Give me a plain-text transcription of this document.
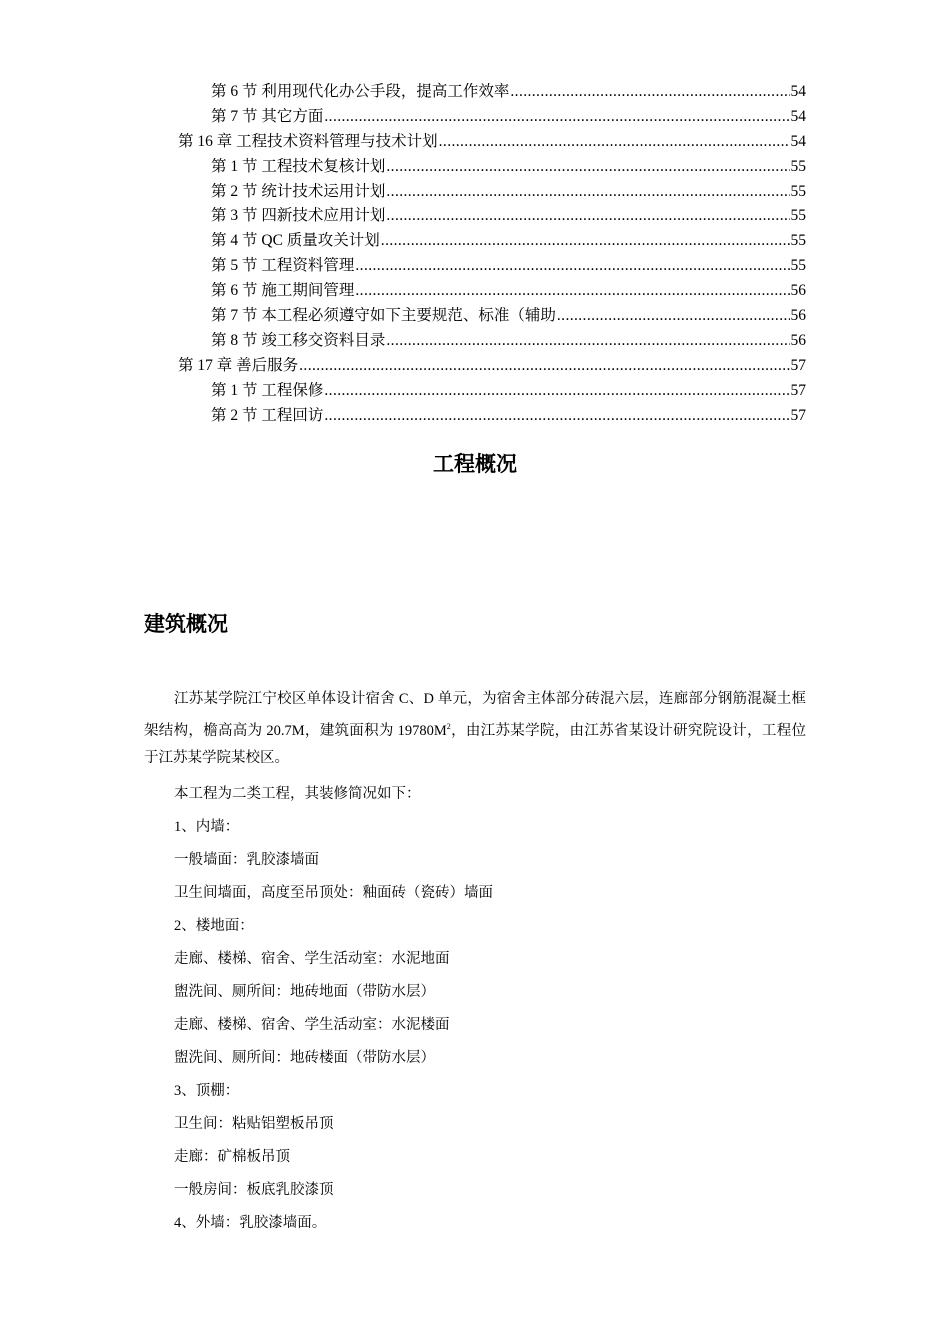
第 6 节 利用现代化办公手段，提高工作效率 .....	54
第 7 节 其它方面 .....	54
第 16 章 工程技术资料管理与技术计划 .....	54
第 1 节 工程技术复核计划 .....	55
第 2 节 统计技术运用计划 .....	55
第 3 节 四新技术应用计划 .....	55
第 4 节 QC 质量攻关计划 .....	55
第 5 节 工程资料管理 .....	55
第 6 节 施工期间管理 .....	56
第 7 节 本工程必须遵守如下主要规范、标准（辅助 .....	56
第 8 节 竣工移交资料目录 .....	56
第 17 章 善后服务 .....	57
第 1 节 工程保修 .....	57
第 2 节 工程回访 .....	57
工程概况
建筑概况

江苏某学院江宁校区单体设计宿舍 C、D 单元，为宿舍主体部分砖混六层，连廊部分钢筋混凝土框架结构，檐高高为 20.7M，建筑面积为 $19780M^2$，由江苏某学院，由江苏省某设计研究院设计，工程位于江苏某学院某校区。

本工程为二类工程，其装修简况如下：

1、内墙：

一般墙面：乳胶漆墙面

卫生间墙面，高度至吊顶处：釉面砖（瓷砖）墙面

2、楼地面：

走廊、楼梯、宿舍、学生活动室：水泥地面

盥洗间、厕所间：地砖地面（带防水层）

走廊、楼梯、宿舍、学生活动室：水泥楼面

盥洗间、厕所间：地砖楼面（带防水层）

3、顶棚：

卫生间：粘贴铝塑板吊顶

走廊：矿棉板吊顶

一般房间：板底乳胶漆顶

4、外墙：乳胶漆墙面。
